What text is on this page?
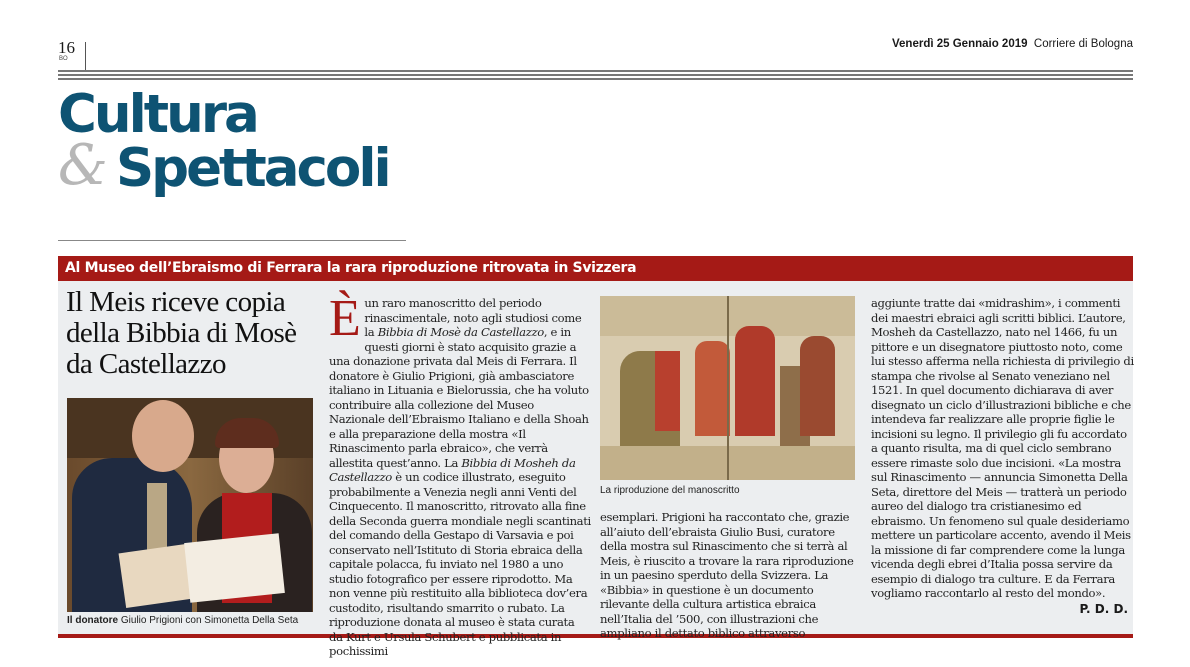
16
BO
Venerdì 25 Gennaio 2019 Corriere di Bologna
Cultura
& Spettacoli
Al Museo dell’Ebraismo di Ferrara la rara riproduzione ritrovata in Svizzera
Il Meis riceve copia della Bibbia di Mosè da Castellazzo
Il donatore Giulio Prigioni con Simonetta Della Seta
È un raro manoscritto del periodo rinascimentale, noto agli studiosi come la Bibbia di Mosè da Castellazzo, e in questi giorni è stato acquisito grazie a una donazione privata dal Meis di Ferrara. Il donatore è Giulio Prigioni, già ambasciatore italiano in Lituania e Bielorussia, che ha voluto contribuire alla collezione del Museo Nazionale dell’Ebraismo Italiano e della Shoah e alla preparazione della mostra «Il Rinascimento parla ebraico», che verrà allestita quest’anno. La Bibbia di Mosheh da Castellazzo è un codice illustrato, eseguito probabilmente a Venezia negli anni Venti del Cinquecento. Il manoscritto, ritrovato alla fine della Seconda guerra mondiale negli scantinati del comando della Gestapo di Varsavia e poi conservato nell’Istituto di Storia ebraica della capitale polacca, fu inviato nel 1980 a uno studio fotografico per essere riprodotto. Ma non venne più restituito alla biblioteca dov’era custodito, risultando smarrito o rubato. La riproduzione donata al museo è stata curata da Kurt e Ursula Schubert e pubblicata in pochissimi
La riproduzione del manoscritto
esemplari. Prigioni ha raccontato che, grazie all’aiuto dell’ebraista Giulio Busi, curatore della mostra sul Rinascimento che si terrà al Meis, è riuscito a trovare la rara riproduzione in un paesino sperduto della Svizzera. La «Bibbia» in questione è un documento rilevante della cultura artistica ebraica nell’Italia del ’500, con illustrazioni che ampliano il dettato biblico attraverso
aggiunte tratte dai «midrashim», i commenti dei maestri ebraici agli scritti biblici. L’autore, Mosheh da Castellazzo, nato nel 1466, fu un pittore e un disegnatore piuttosto noto, come lui stesso afferma nella richiesta di privilegio di stampa che rivolse al Senato veneziano nel 1521. In quel documento dichiarava di aver disegnato un ciclo d’illustrazioni bibliche e che intendeva far realizzare alle proprie figlie le incisioni su legno. Il privilegio gli fu accordato a quanto risulta, ma di quel ciclo sembrano essere rimaste solo due incisioni. «La mostra sul Rinascimento — annuncia Simonetta Della Seta, direttore del Meis — tratterà un periodo aureo del dialogo tra cristianesimo ed ebraismo. Un fenomeno sul quale desideriamo mettere un particolare accento, avendo il Meis la missione di far comprendere come la lunga vicenda degli ebrei d’Italia possa servire da esempio di dialogo tra culture. E da Ferrara vogliamo raccontarlo al resto del mondo».
P. D. D.
